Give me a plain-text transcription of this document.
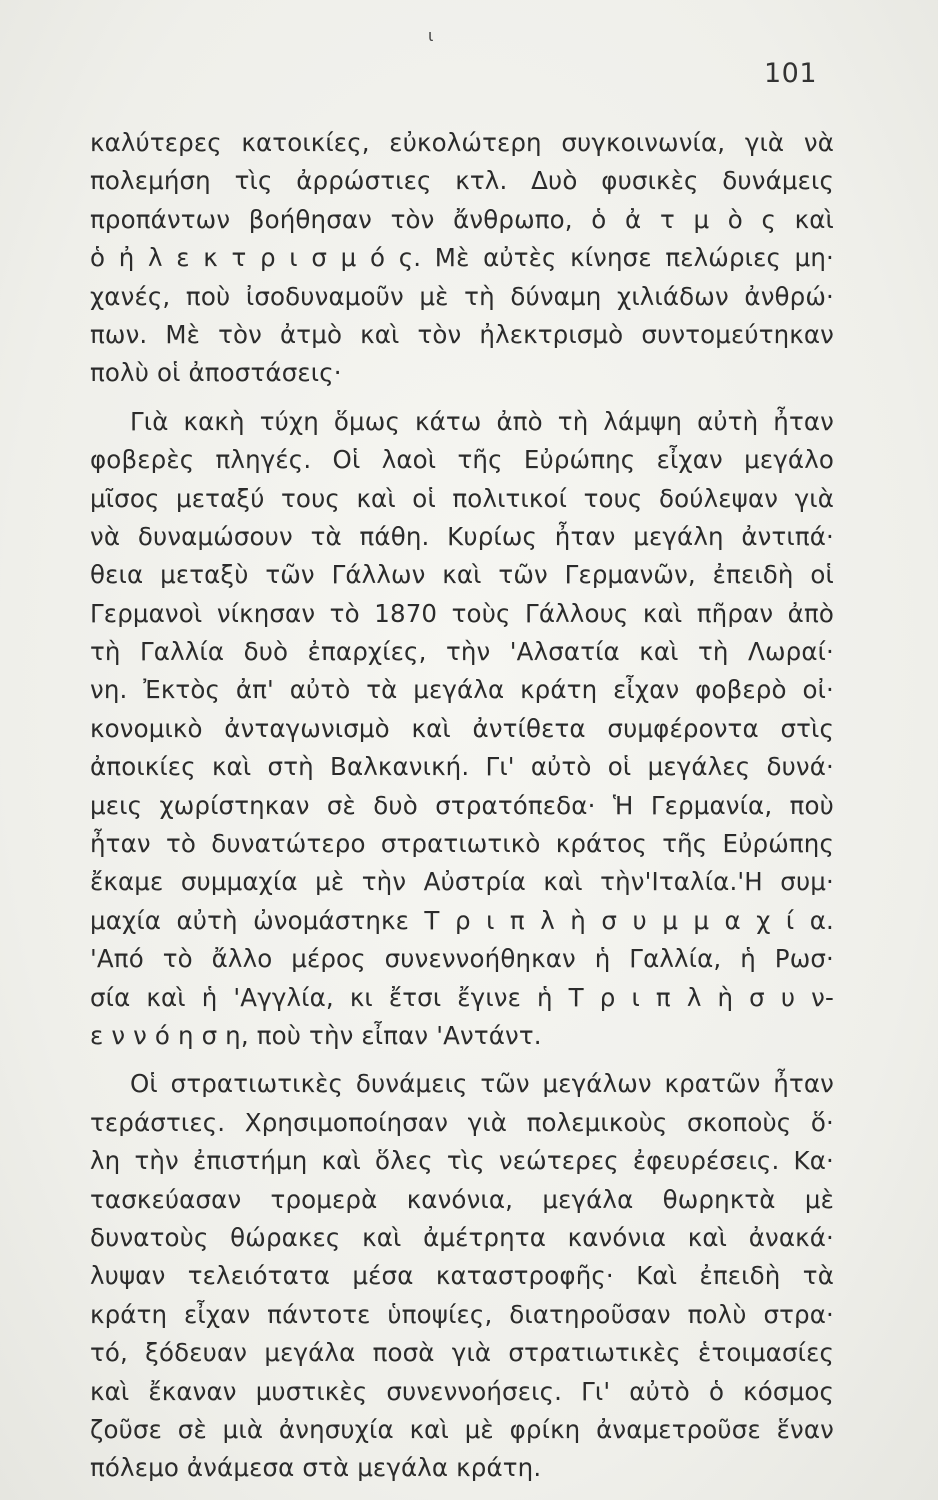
ι
101
καλύτερες κατοικίες, εὐκολώτερη συγκοινωνία, γιὰ νὰ
πολεμήση τὶς ἀρρώστιες κτλ. Δυὸ φυσικὲς δυνάμεις
προπάντων βοήθησαν τὸν ἄνθρωπο, ὁ ἀ τ μ ὸ ς καὶ
ὁ ἠ λ ε κ τ ρ ι σ μ ό ς. Μὲ αὐτὲς κίνησε πελώριες μη·
χανές, ποὺ ἰσοδυναμοῦν μὲ τὴ δύναμη χιλιάδων ἀνθρώ·
πων. Μὲ τὸν ἀτμὸ καὶ τὸν ἠλεκτρισμὸ συντομεύτηκαν
πολὺ οἱ ἀποστάσεις·
Γιὰ κακὴ τύχη ὅμως κάτω ἀπὸ τὴ λάμψη αὐτὴ ἦταν
φοβερὲς πληγές. Οἱ λαοὶ τῆς Εὐρώπης εἶχαν μεγάλο
μῖσος μεταξύ τους καὶ οἱ πολιτικοί τους δούλεψαν γιὰ
νὰ δυναμώσουν τὰ πάθη. Κυρίως ἦταν μεγάλη ἀντιπά·
θεια μεταξὺ τῶν Γάλλων καὶ τῶν Γερμανῶν, ἐπειδὴ οἱ
Γερμανοὶ νίκησαν τὸ 1870 τοὺς Γάλλους καὶ πῆραν ἀπὸ
τὴ Γαλλία δυὸ ἐπαρχίες, τὴν 'Αλσατία καὶ τὴ Λωραί·
νη. Ἐκτὸς ἀπ' αὐτὸ τὰ μεγάλα κράτη εἶχαν φοβερὸ οἰ·
κονομικὸ ἀνταγωνισμὸ καὶ ἀντίθετα συμφέροντα στὶς
ἀποικίες καὶ στὴ Βαλκανική. Γι' αὐτὸ οἱ μεγάλες δυνά·
μεις χωρίστηκαν σὲ δυὸ στρατόπεδα· Ἡ Γερμανία, ποὺ
ἦταν τὸ δυνατώτερο στρατιωτικὸ κράτος τῆς Εὐρώπης
ἔκαμε συμμαχία μὲ τὴν Αὐστρία καὶ τὴν'Ιταλία.'Η συμ·
μαχία αὐτὴ ὠνομάστηκε Τ ρ ι π λ ὴ σ υ μ μ α χ ί α.
'Από τὸ ἄλλο μέρος συνεννοήθηκαν ἡ Γαλλία, ἡ Ρωσ·
σία καὶ ἡ 'Αγγλία, κι ἔτσι ἔγινε ἡ Τ ρ ι π λ ὴ σ υ ν-
ε ν ν ό η σ η, ποὺ τὴν εἶπαν 'Αντάντ.
Οἱ στρατιωτικὲς δυνάμεις τῶν μεγάλων κρατῶν ἦταν
τεράστιες. Χρησιμοποίησαν γιὰ πολεμικοὺς σκοποὺς ὅ·
λη τὴν ἐπιστήμη καὶ ὅλες τὶς νεώτερες ἐφευρέσεις. Κα·
τασκεύασαν τρομερὰ κανόνια, μεγάλα θωρηκτὰ μὲ
δυνατοὺς θώρακες καὶ ἀμέτρητα κανόνια καὶ ἀνακά·
λυψαν τελειότατα μέσα καταστροφῆς· Καὶ ἐπειδὴ τὰ
κράτη εἶχαν πάντοτε ὑποψίες, διατηροῦσαν πολὺ στρα·
τό, ξόδευαν μεγάλα ποσὰ γιὰ στρατιωτικὲς ἑτοιμασίες
καὶ ἔκαναν μυστικὲς συνεννοήσεις. Γι' αὐτὸ ὁ κόσμος
ζοῦσε σὲ μιὰ ἀνησυχία καὶ μὲ φρίκη ἀναμετροῦσε ἕναν
πόλεμο ἀνάμεσα στὰ μεγάλα κράτη.
